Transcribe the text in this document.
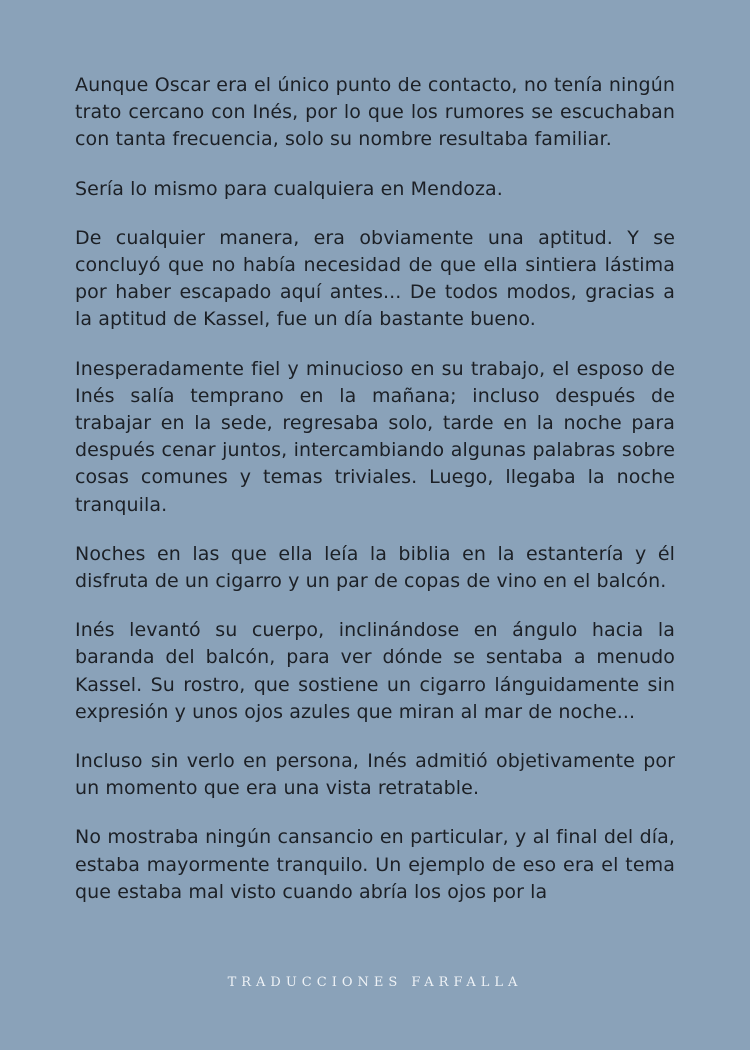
Aunque Oscar era el único punto de contacto, no tenía ningún trato cercano con Inés, por lo que los rumores se escuchaban con tanta frecuencia, solo su nombre resultaba familiar.

Sería lo mismo para cualquiera en Mendoza.

De cualquier manera, era obviamente una aptitud. Y se concluyó que no había necesidad de que ella sintiera lástima por haber escapado aquí antes... De todos modos, gracias a la aptitud de Kassel, fue un día bastante bueno.

Inesperadamente fiel y minucioso en su trabajo, el esposo de Inés salía temprano en la mañana; incluso después de trabajar en la sede, regresaba solo, tarde en la noche para después cenar juntos, intercambiando algunas palabras sobre cosas comunes y temas triviales. Luego, llegaba la noche tranquila.

Noches en las que ella leía la biblia en la estantería y él disfruta de un cigarro y un par de copas de vino en el balcón.

Inés levantó su cuerpo, inclinándose en ángulo hacia la baranda del balcón, para ver dónde se sentaba a menudo Kassel. Su rostro, que sostiene un cigarro lánguidamente sin expresión y unos ojos azules que miran al mar de noche...

Incluso sin verlo en persona, Inés admitió objetivamente por un momento que era una vista retratable.

No mostraba ningún cansancio en particular, y al final del día, estaba mayormente tranquilo. Un ejemplo de eso era el tema que estaba mal visto cuando abría los ojos por la

TRADUCCIONES FARFALLA
